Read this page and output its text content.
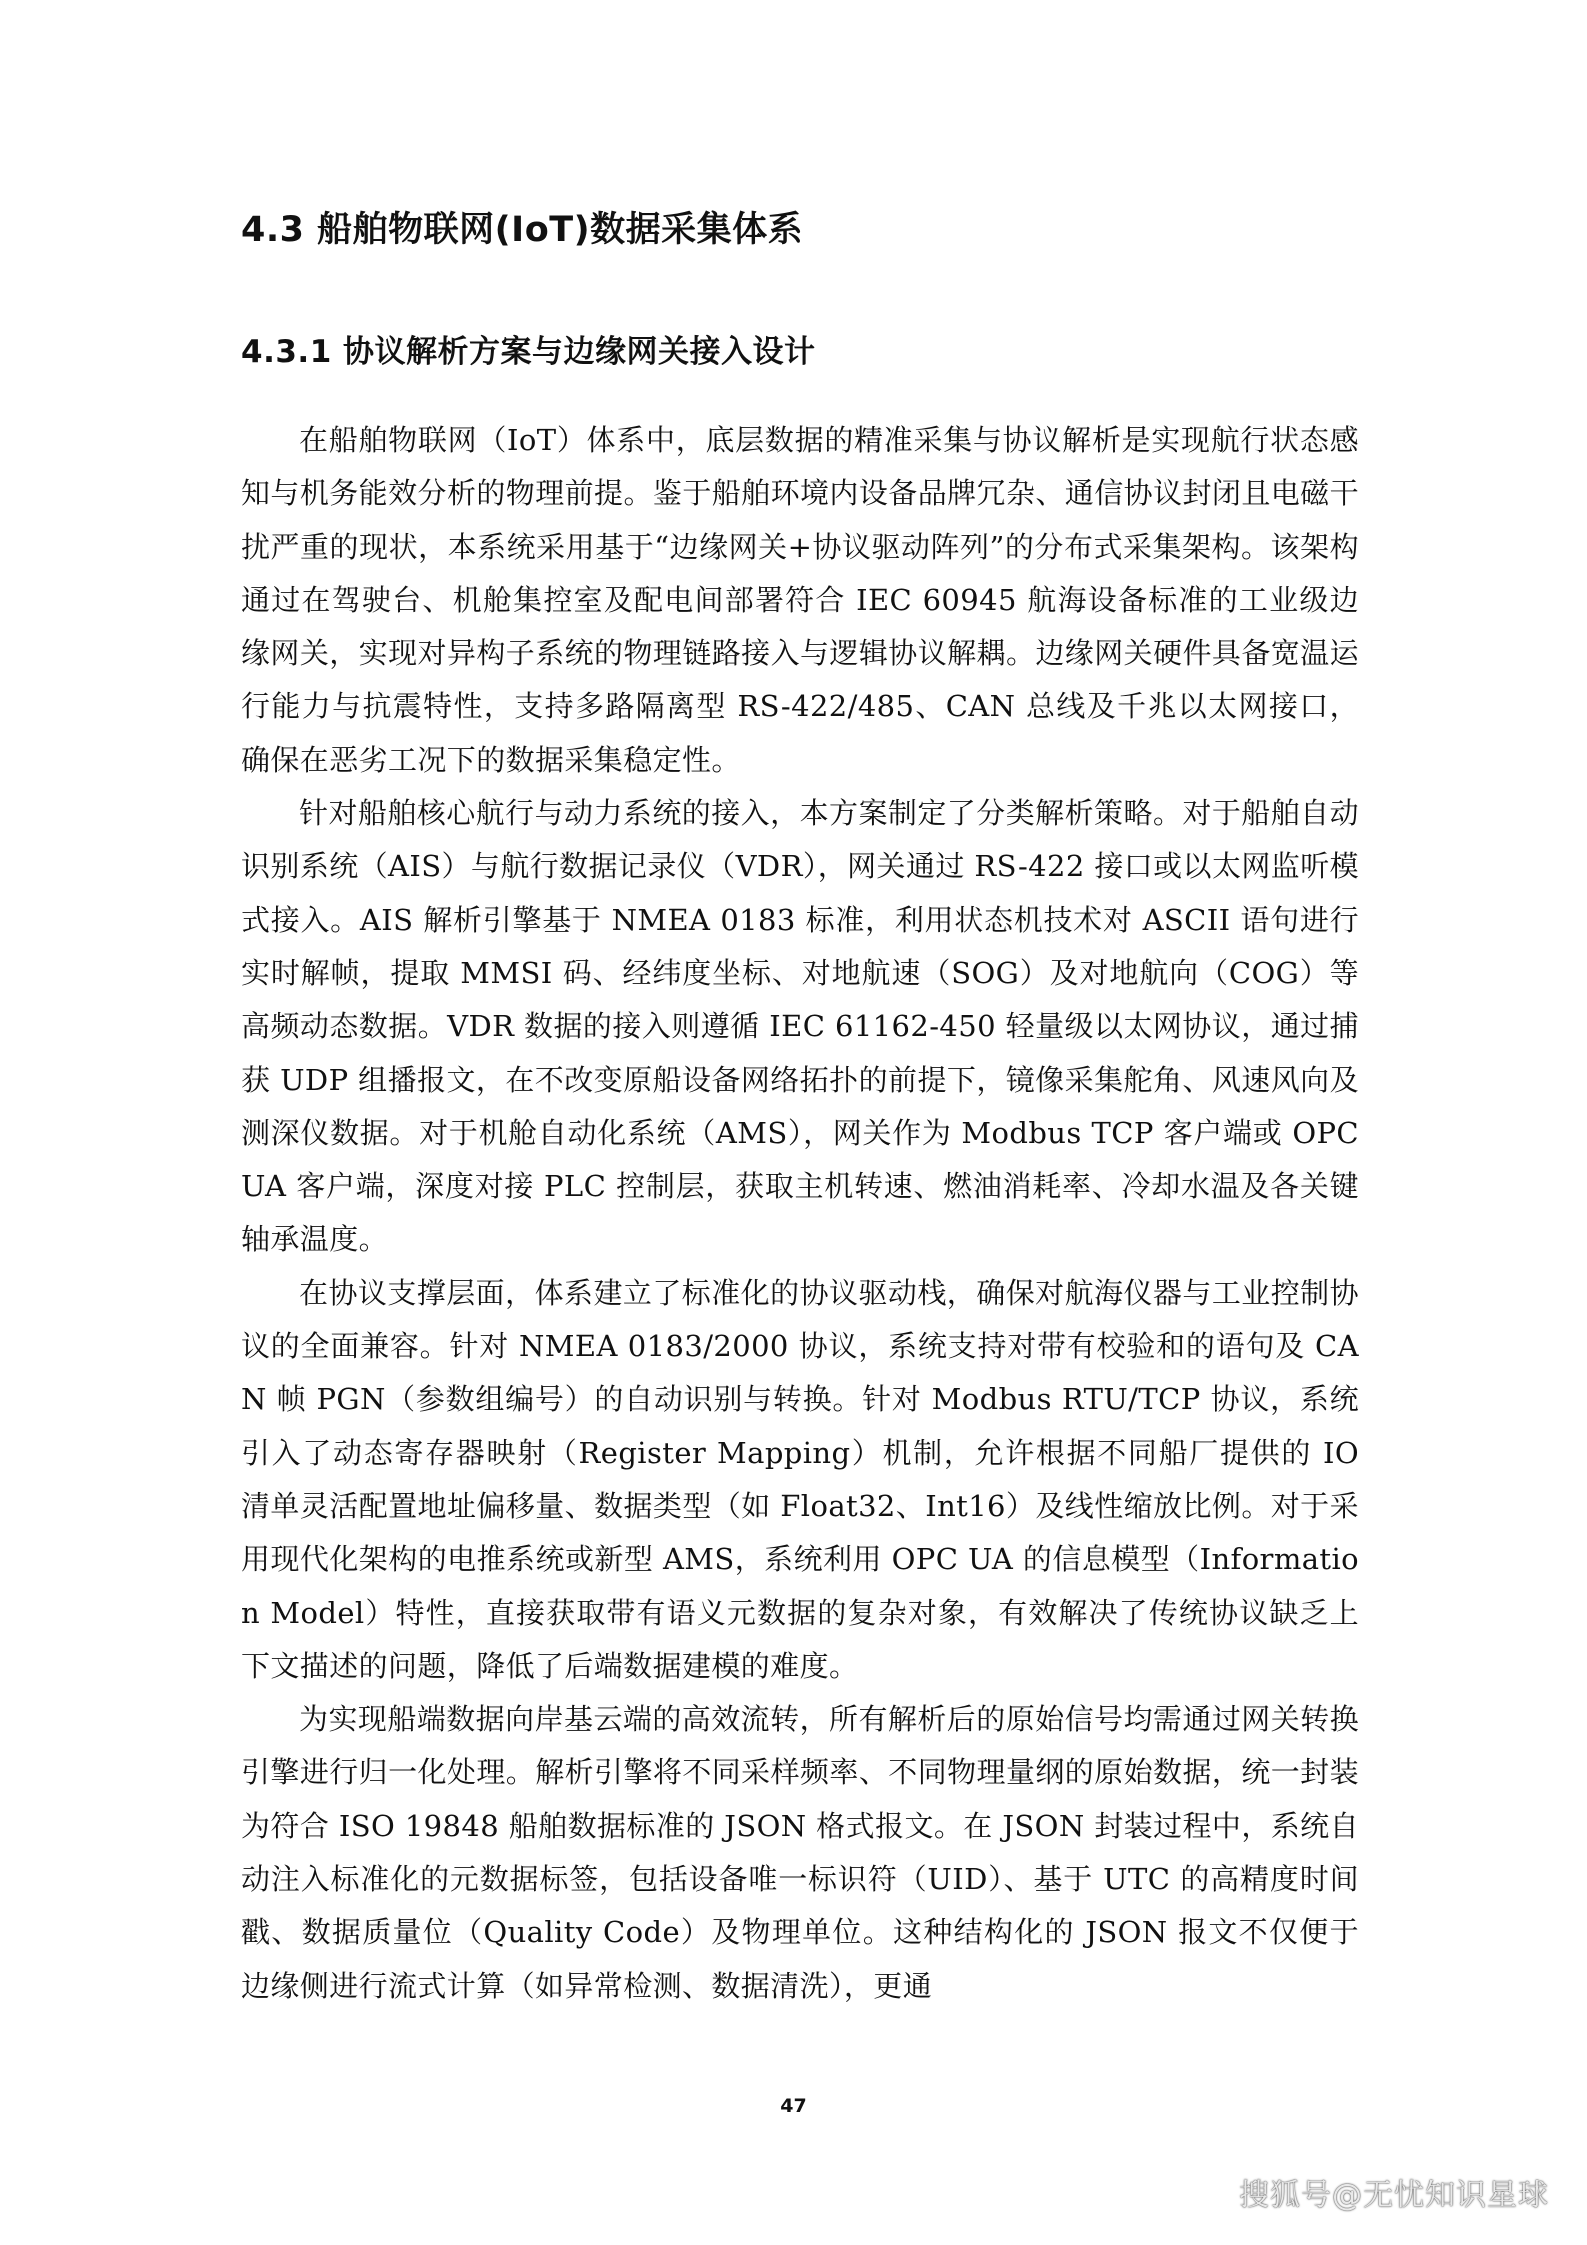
4.3 船舶物联网(IoT)数据采集体系
4.3.1 协议解析方案与边缘网关接入设计

在船舶物联网（IoT）体系中，底层数据的精准采集与协议解析是实现航行状态感知与机务能效分析的物理前提。鉴于船舶环境内设备品牌冗杂、通信协议封闭且电磁干扰严重的现状，本系统采用基于“边缘网关+协议驱动阵列”的分布式采集架构。该架构通过在驾驶台、机舱集控室及配电间部署符合 IEC 60945 航海设备标准的工业级边缘网关，实现对异构子系统的物理链路接入与逻辑协议解耦。边缘网关硬件具备宽温运行能力与抗震特性，支持多路隔离型 RS-422/485、CAN 总线及千兆以太网接口，确保在恶劣工况下的数据采集稳定性。

针对船舶核心航行与动力系统的接入，本方案制定了分类解析策略。对于船舶自动识别系统（AIS）与航行数据记录仪（VDR），网关通过 RS-422 接口或以太网监听模式接入。AIS 解析引擎基于 NMEA 0183 标准，利用状态机技术对 ASCII 语句进行实时解帧，提取 MMSI 码、经纬度坐标、对地航速（SOG）及对地航向（COG）等高频动态数据。VDR 数据的接入则遵循 IEC 61162-450 轻量级以太网协议，通过捕获 UDP 组播报文，在不改变原船设备网络拓扑的前提下，镜像采集舵角、风速风向及测深仪数据。对于机舱自动化系统（AMS），网关作为 Modbus TCP 客户端或 OPC UA 客户端，深度对接 PLC 控制层，获取主机转速、燃油消耗率、冷却水温及各关键轴承温度。

在协议支撑层面，体系建立了标准化的协议驱动栈，确保对航海仪器与工业控制协议的全面兼容。针对 NMEA 0183/2000 协议，系统支持对带有校验和的语句及 CAN 帧 PGN（参数组编号）的自动识别与转换。针对 Modbus RTU/TCP 协议，系统引入了动态寄存器映射（Register Mapping）机制，允许根据不同船厂提供的 IO 清单灵活配置地址偏移量、数据类型（如 Float32、Int16）及线性缩放比例。对于采用现代化架构的电推系统或新型 AMS，系统利用 OPC UA 的信息模型（Information Model）特性，直接获取带有语义元数据的复杂对象，有效解决了传统协议缺乏上下文描述的问题，降低了后端数据建模的难度。

为实现船端数据向岸基云端的高效流转，所有解析后的原始信号均需通过网关转换引擎进行归一化处理。解析引擎将不同采样频率、不同物理量纲的原始数据，统一封装为符合 ISO 19848 船舶数据标准的 JSON 格式报文。在 JSON 封装过程中，系统自动注入标准化的元数据标签，包括设备唯一标识符（UID）、基于 UTC 的高精度时间戳、数据质量位（Quality Code）及物理单位。这种结构化的 JSON 报文不仅便于边缘侧进行流式计算（如异常检测、数据清洗），更通

47
搜狐号@无忧知识星球
